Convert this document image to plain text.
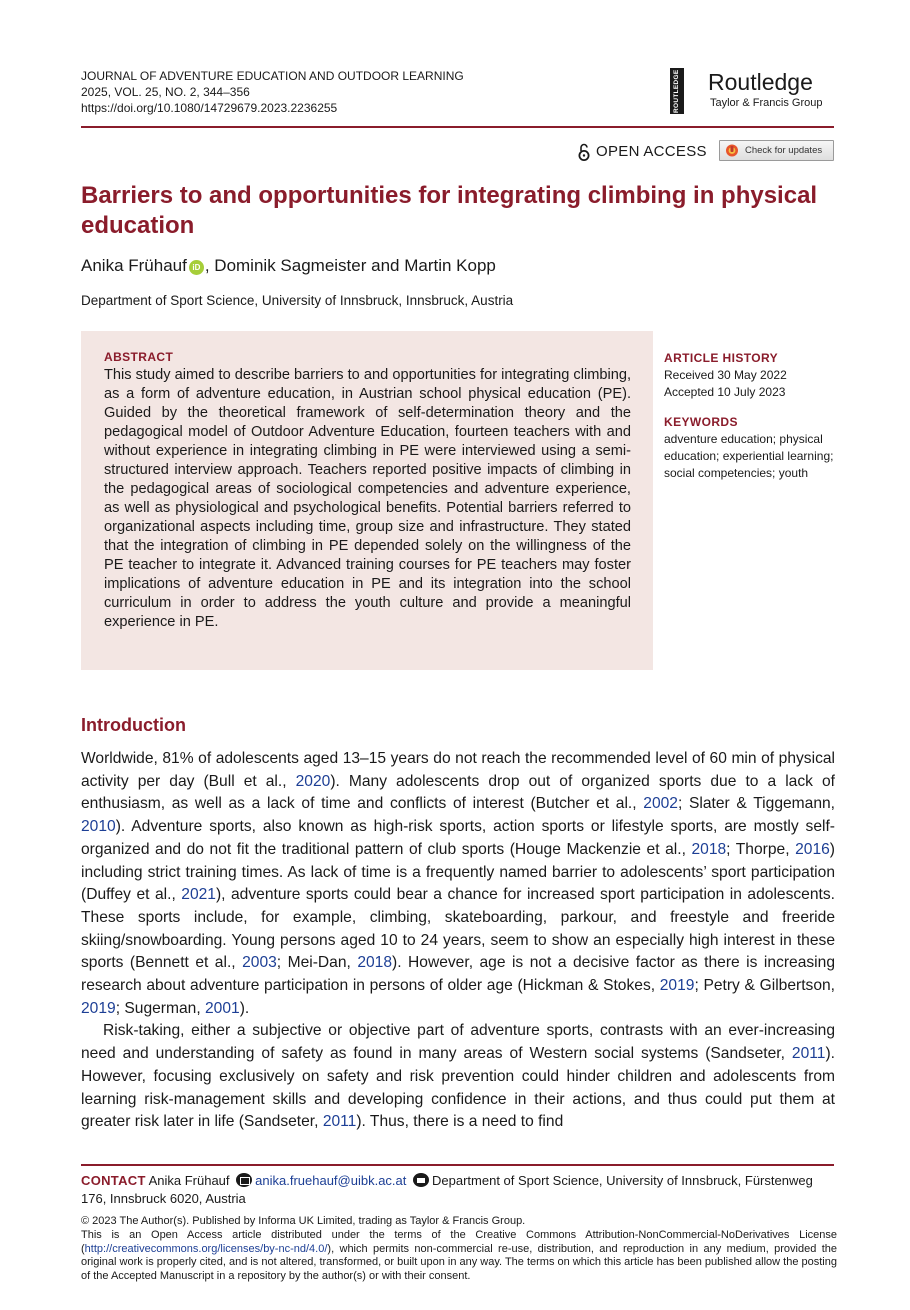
JOURNAL OF ADVENTURE EDUCATION AND OUTDOOR LEARNING
2025, VOL. 25, NO. 2, 344–356
https://doi.org/10.1080/14729679.2023.2236255	ROUTLEDGE Routledge
Taylor & Francis Group
OPEN ACCESS	Check for updates
Barriers to and opportunities for integrating climbing in physical education
Anika Frühauf iD , Dominik Sagmeister and Martin Kopp
Department of Sport Science, University of Innsbruck, Innsbruck, Austria
ABSTRACT
This study aimed to describe barriers to and opportunities for integrating climbing, as a form of adventure education, in Austrian school physical education (PE). Guided by the theoretical framework of self-determination theory and the pedagogical model of Outdoor Adventure Education, fourteen teachers with and without experience in integrating climbing in PE were interviewed using a semi-structured interview approach. Teachers reported positive impacts of climbing in the pedagogical areas of sociological competencies and adventure experience, as well as physiological and psychological benefits. Potential barriers referred to organizational aspects including time, group size and infrastructure. They stated that the integration of climbing in PE depended solely on the willingness of the PE teacher to integrate it. Advanced training courses for PE teachers may foster implications of adventure education in PE and its integration into the school curriculum in order to address the youth culture and provide a meaningful experience in PE.
ARTICLE HISTORY
Received 30 May 2022
Accepted 10 July 2023
KEYWORDS
adventure education; physical education; experiential learning; social competencies; youth
Introduction

Worldwide, 81% of adolescents aged 13–15 years do not reach the recommended level of 60 min of physical activity per day (Bull et al., 2020). Many adolescents drop out of organized sports due to a lack of enthusiasm, as well as a lack of time and conflicts of interest (Butcher et al., 2002; Slater & Tiggemann, 2010). Adventure sports, also known as high-risk sports, action sports or lifestyle sports, are mostly self-organized and do not fit the traditional pattern of club sports (Houge Mackenzie et al., 2018; Thorpe, 2016) including strict training times. As lack of time is a frequently named barrier to adolescents’ sport participation (Duffey et al., 2021), adventure sports could bear a chance for increased sport participation in adolescents. These sports include, for example, climbing, skateboarding, parkour, and freestyle and freeride skiing/snowboarding. Young persons aged 10 to 24 years, seem to show an especially high interest in these sports (Bennett et al., 2003; Mei-Dan, 2018). However, age is not a decisive factor as there is increasing research about adventure participation in persons of older age (Hickman & Stokes, 2019; Petry & Gilbertson, 2019; Sugerman, 2001).

Risk-taking, either a subjective or objective part of adventure sports, contrasts with an ever-increasing need and understanding of safety as found in many areas of Western social systems (Sandseter, 2011). However, focusing exclusively on safety and risk prevention could hinder children and adolescents from learning risk-management skills and developing confidence in their actions, and thus could put them at greater risk later in life (Sandseter, 2011). Thus, there is a need to find

CONTACT Anika Frühauf anika.fruehauf@uibk.ac.at Department of Sport Science, University of Innsbruck, Fürstenweg 176, Innsbruck 6020, Austria
© 2023 The Author(s). Published by Informa UK Limited, trading as Taylor & Francis Group.
This is an Open Access article distributed under the terms of the Creative Commons Attribution-NonCommercial-NoDerivatives License (http://creativecommons.org/licenses/by-nc-nd/4.0/), which permits non-commercial re-use, distribution, and reproduction in any medium, provided the original work is properly cited, and is not altered, transformed, or built upon in any way. The terms on which this article has been published allow the posting of the Accepted Manuscript in a repository by the author(s) or with their consent.
